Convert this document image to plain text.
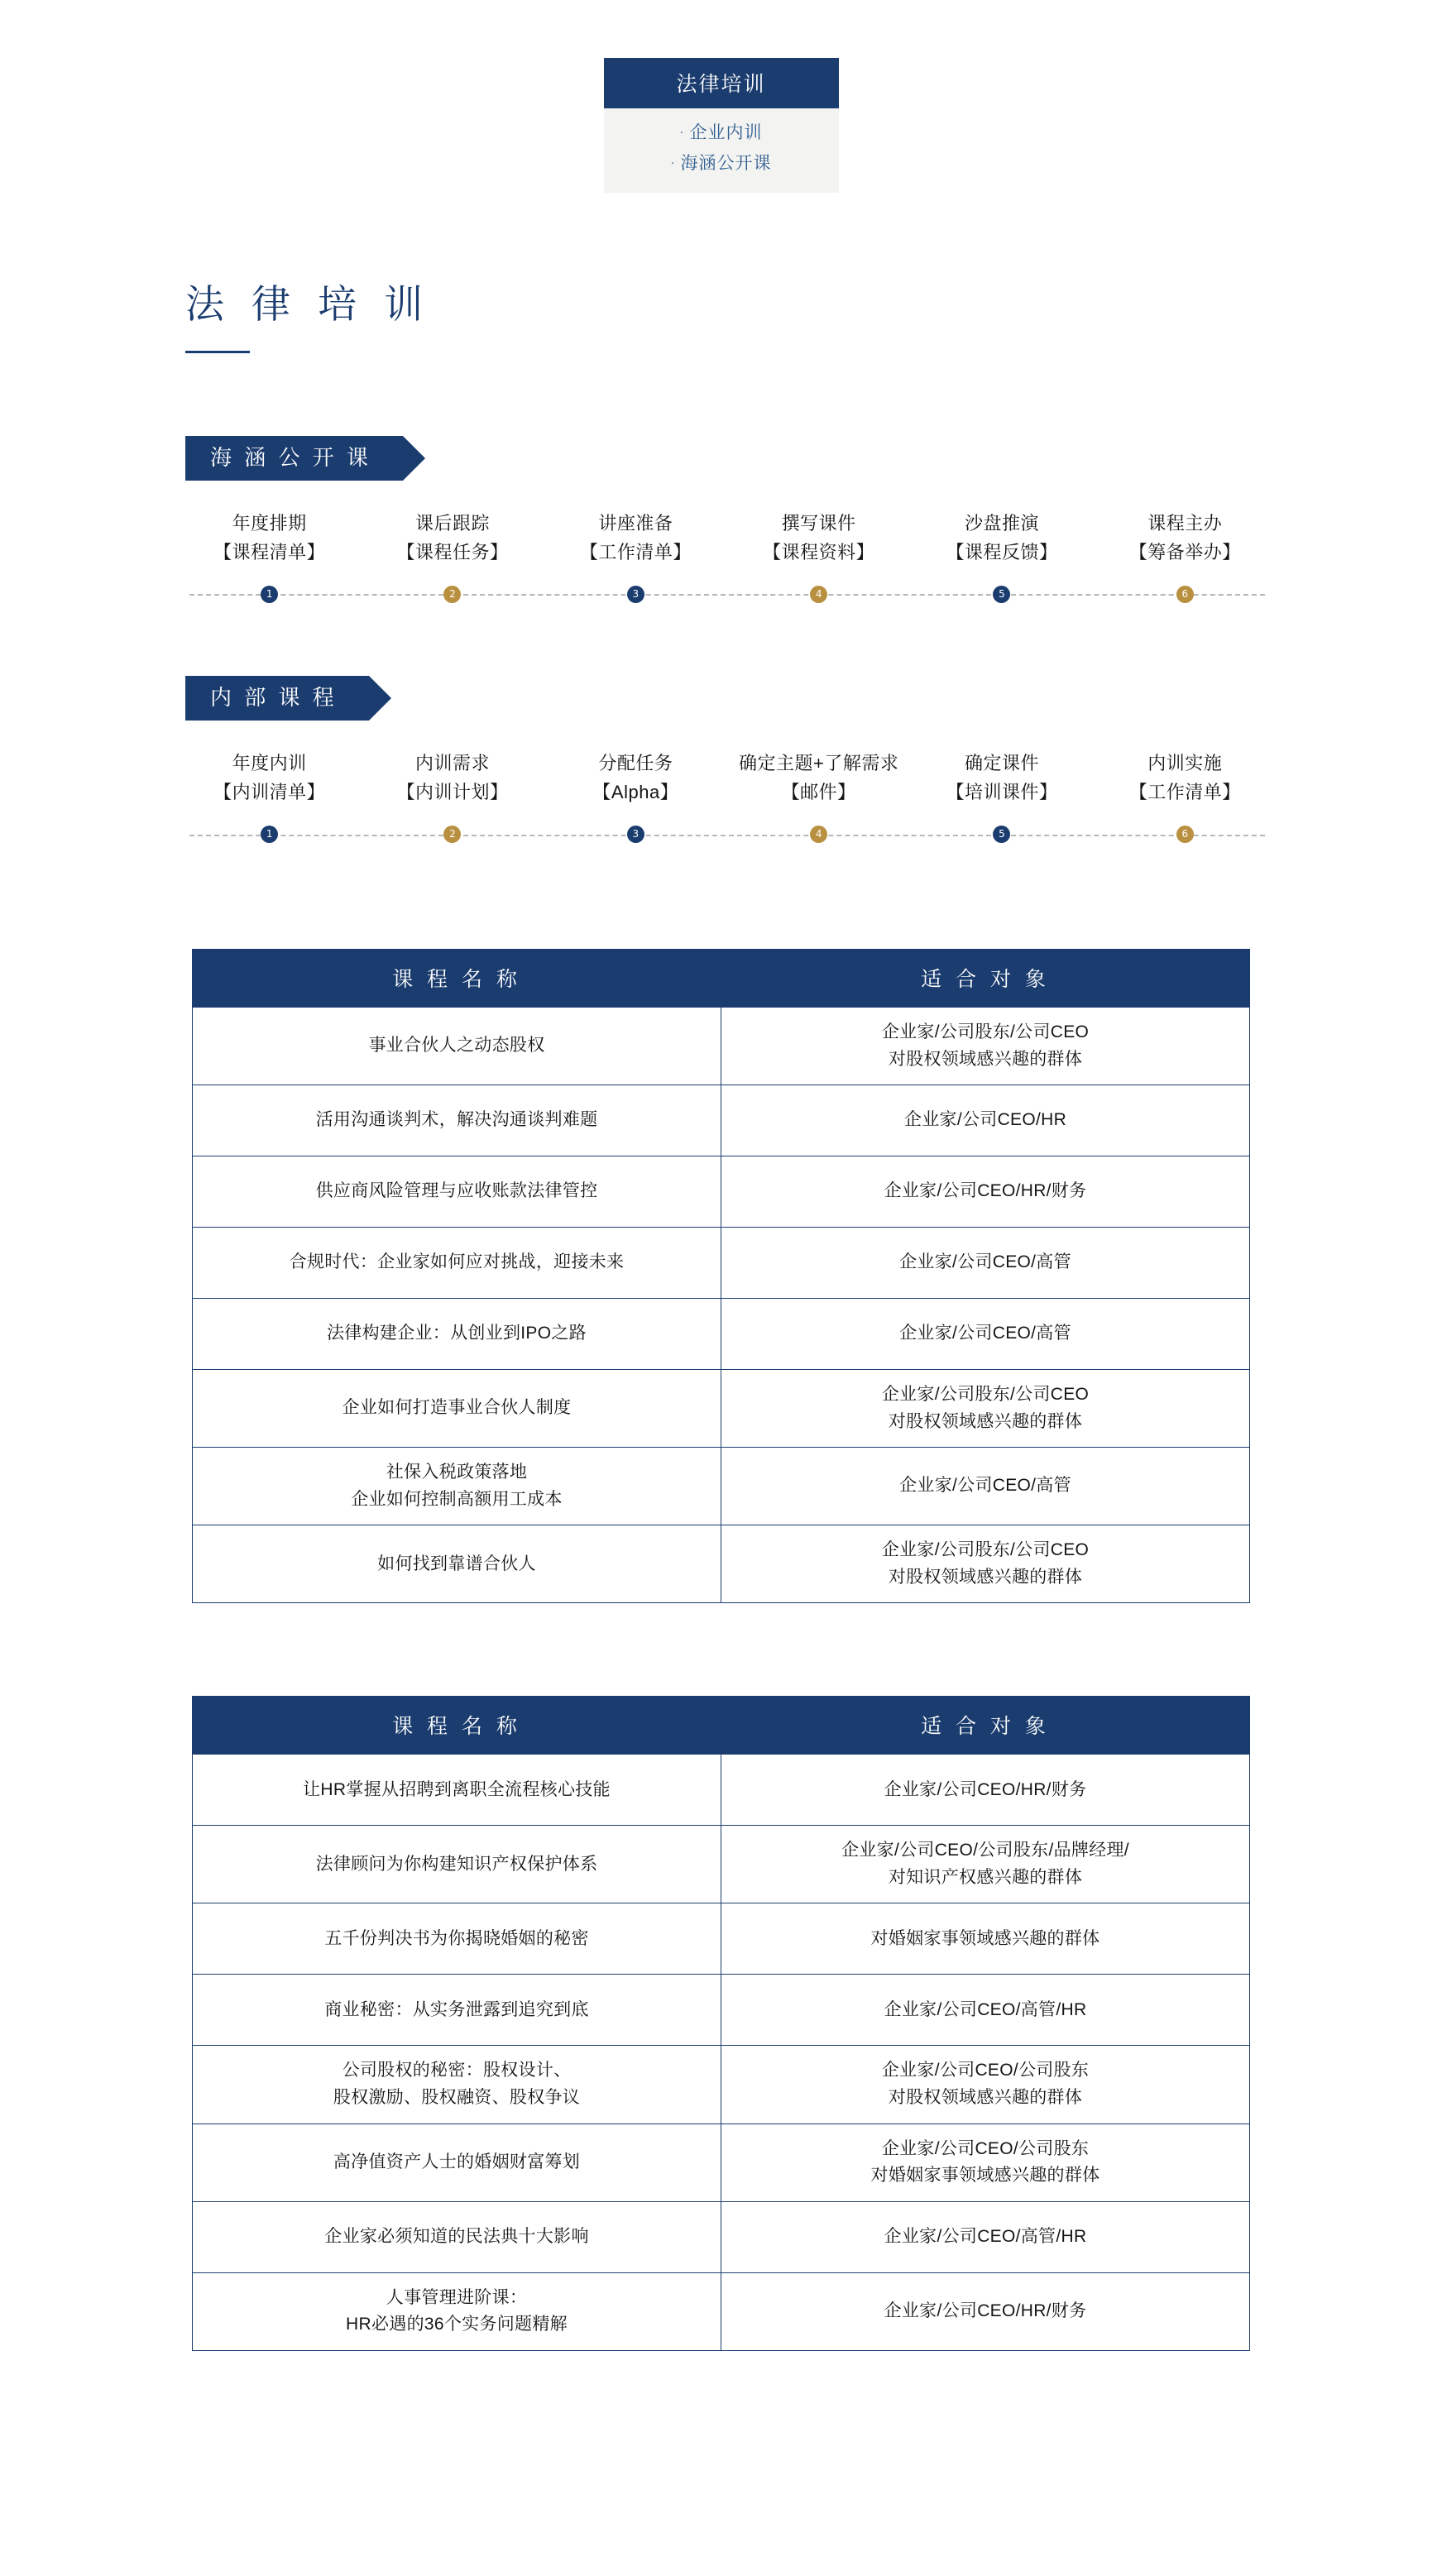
法律培训
· 企业内训
· 海涵公开课
法 律 培 训
海 涵 公 开 课
年度排期
【课程清单】
课后跟踪
【课程任务】
讲座准备
【工作清单】
撰写课件
【课程资料】
沙盘推演
【课程反馈】
课程主办
【筹备举办】
1	2	3	4	5	6
内 部 课 程
年度内训
【内训清单】
内训需求
【内训计划】
分配任务
【Alpha】
确定主题+了解需求
【邮件】
确定课件
【培训课件】
内训实施
【工作清单】
1	2	3	4	5	6
课 程 名 称	适 合 对 象

事业合伙人之动态股权	企业家/公司股东/公司CEO
对股权领域感兴趣的群体

活用沟通谈判术，解决沟通谈判难题	企业家/公司CEO/HR

供应商风险管理与应收账款法律管控	企业家/公司CEO/HR/财务

合规时代：企业家如何应对挑战，迎接未来	企业家/公司CEO/高管

法律构建企业：从创业到IPO之路	企业家/公司CEO/高管

企业如何打造事业合伙人制度	企业家/公司股东/公司CEO
对股权领域感兴趣的群体

社保入税政策落地
企业如何控制高额用工成本	企业家/公司CEO/高管

如何找到靠谱合伙人	企业家/公司股东/公司CEO
对股权领域感兴趣的群体
课 程 名 称	适 合 对 象

让HR掌握从招聘到离职全流程核心技能	企业家/公司CEO/HR/财务

法律顾问为你构建知识产权保护体系	企业家/公司CEO/公司股东/品牌经理/
对知识产权感兴趣的群体

五千份判决书为你揭晓婚姻的秘密	对婚姻家事领域感兴趣的群体

商业秘密：从实务泄露到追究到底	企业家/公司CEO/高管/HR

公司股权的秘密：股权设计、
股权激励、股权融资、股权争议	企业家/公司CEO/公司股东
对股权领域感兴趣的群体

高净值资产人士的婚姻财富筹划	企业家/公司CEO/公司股东
对婚姻家事领域感兴趣的群体

企业家必须知道的民法典十大影响	企业家/公司CEO/高管/HR

人事管理进阶课：
HR必遇的36个实务问题精解	企业家/公司CEO/HR/财务
